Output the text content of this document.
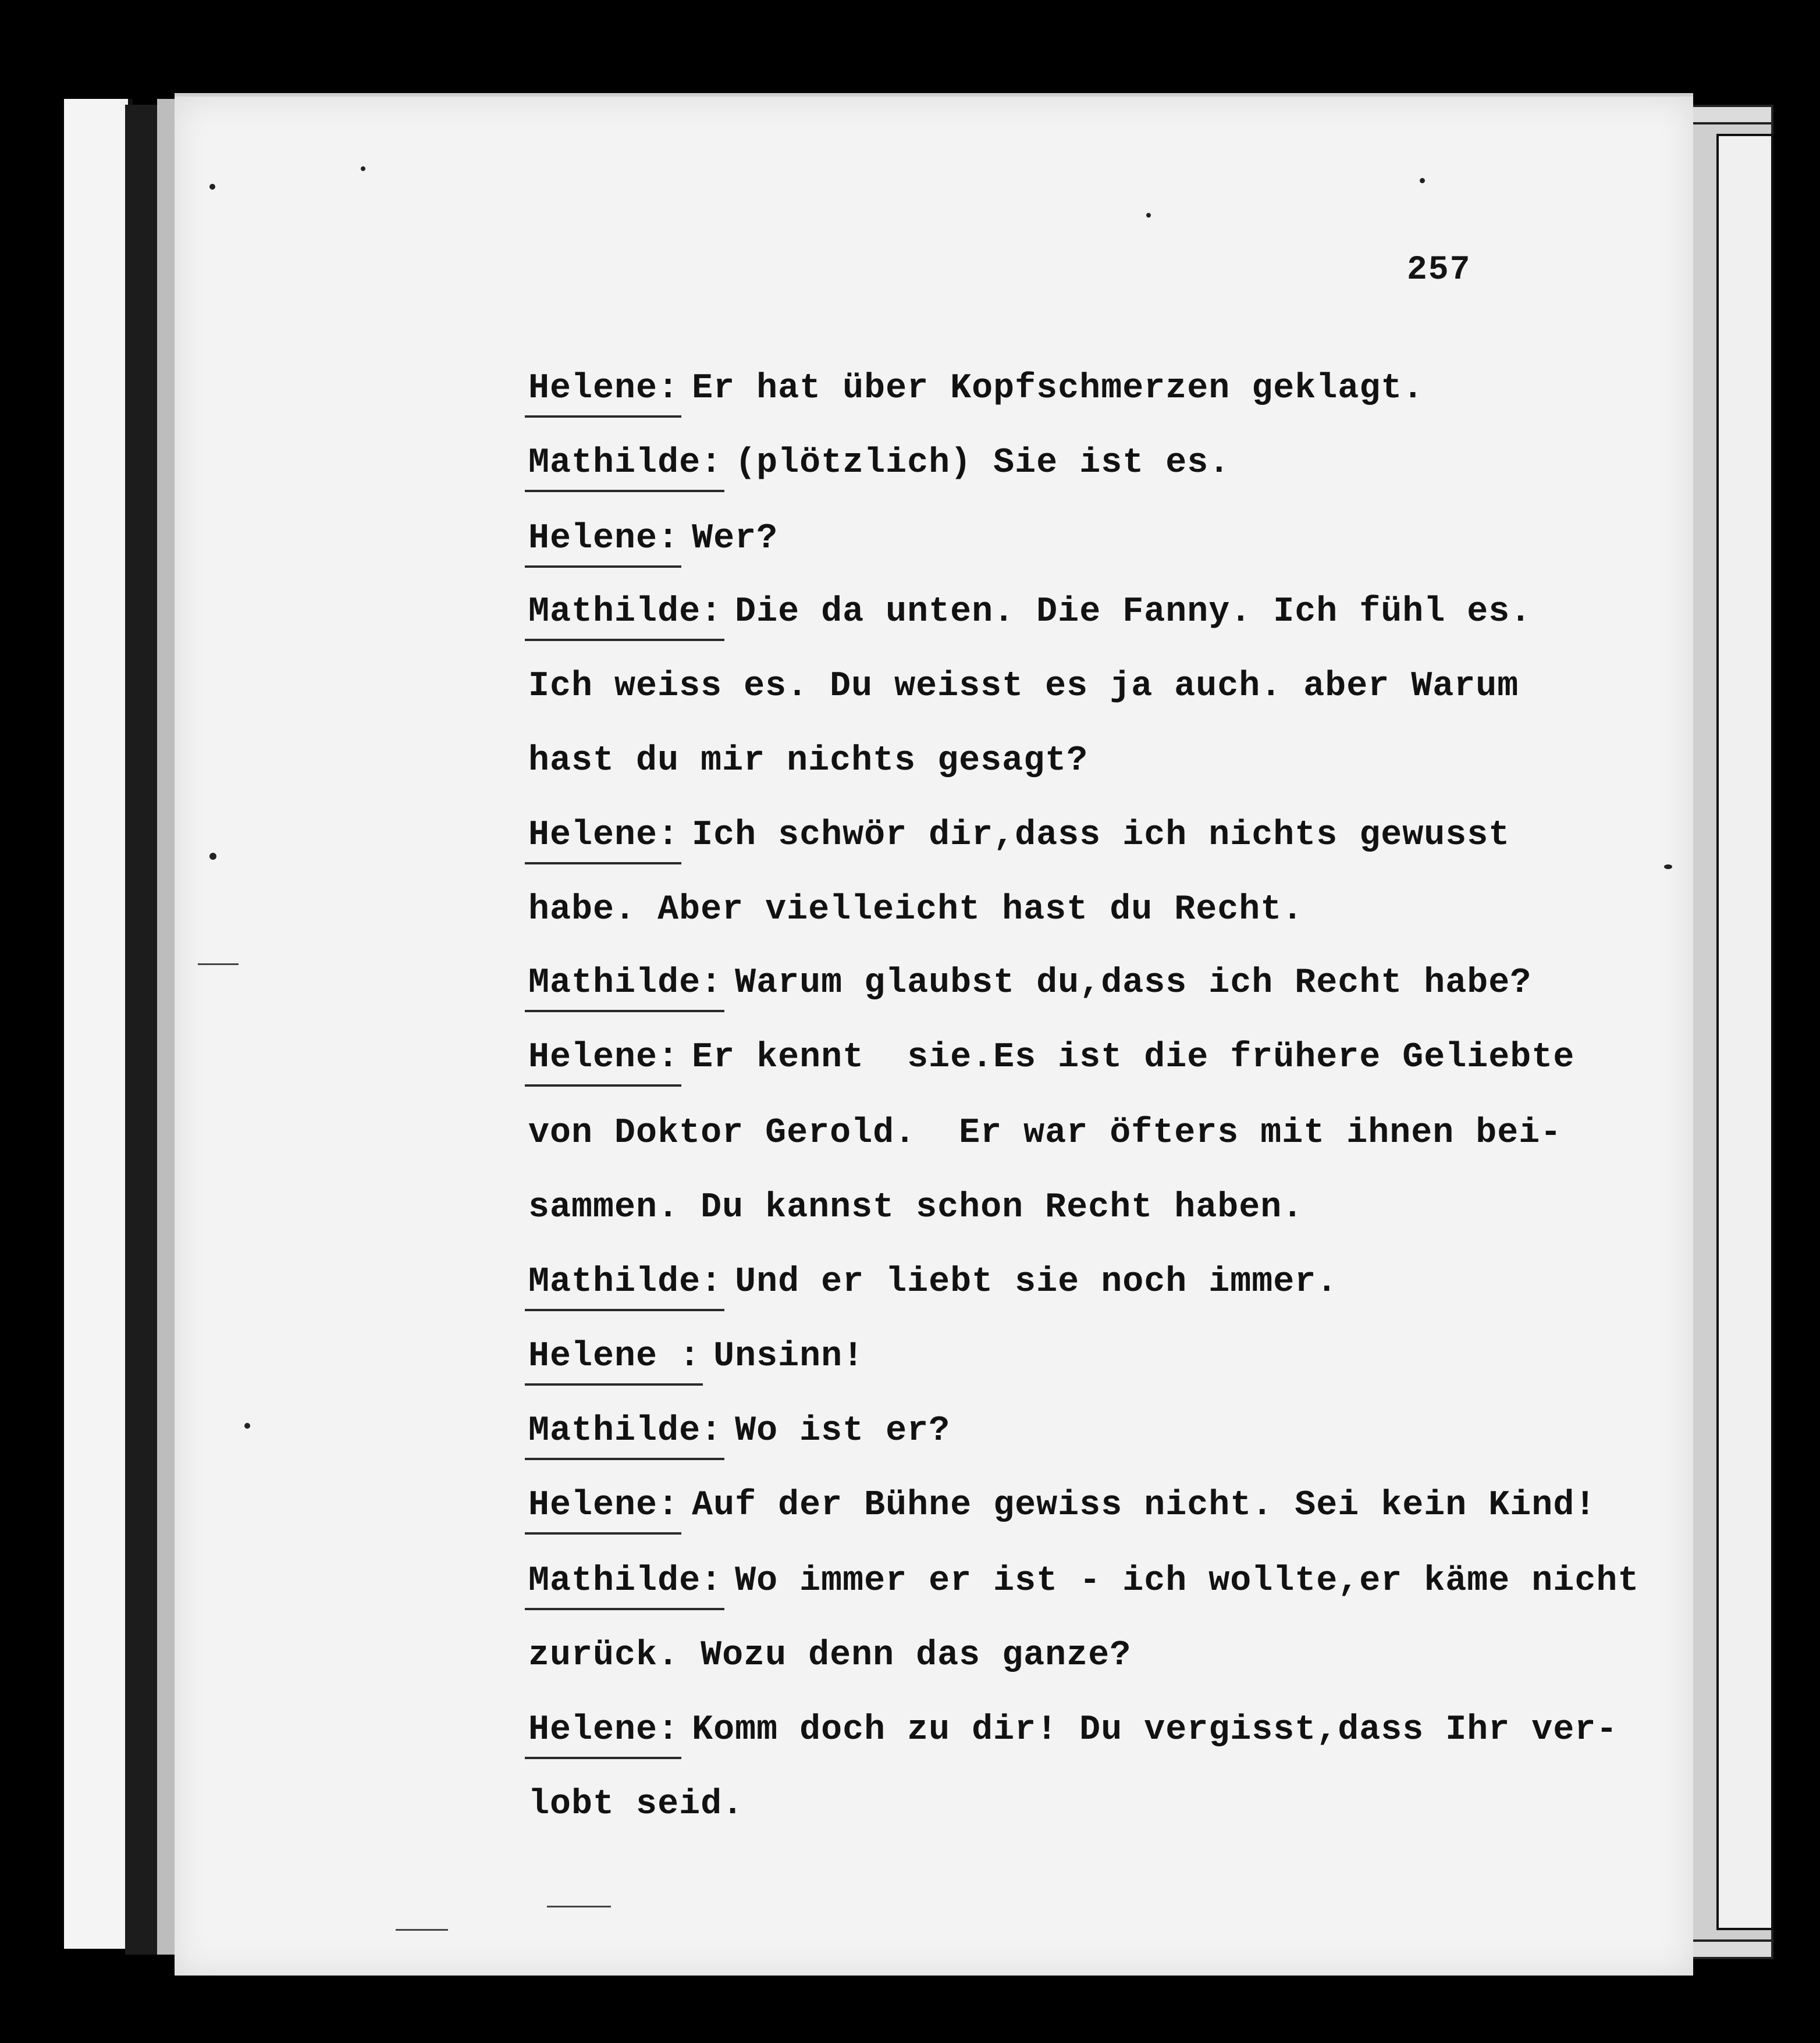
257

Helene: Er hat über Kopfschmerzen geklagt.

Mathilde: (plötzlich) Sie ist es.

Helene: Wer?

Mathilde: Die da unten. Die Fanny. Ich fühl es.

Ich weiss es. Du weisst es ja auch. aber Warum

hast du mir nichts gesagt?

Helene: Ich schwör dir,dass ich nichts gewusst

habe. Aber vielleicht hast du Recht.

Mathilde: Warum glaubst du,dass ich Recht habe?

Helene: Er kennt  sie.Es ist die frühere Geliebte

von Doktor Gerold.  Er war öfters mit ihnen bei-

sammen. Du kannst schon Recht haben.

Mathilde: Und er liebt sie noch immer.

Helene : Unsinn!

Mathilde: Wo ist er?

Helene: Auf der Bühne gewiss nicht. Sei kein Kind!

Mathilde: Wo immer er ist - ich wollte,er käme nicht

zurück. Wozu denn das ganze?

Helene: Komm doch zu dir! Du vergisst,dass Ihr ver-

lobt seid.
